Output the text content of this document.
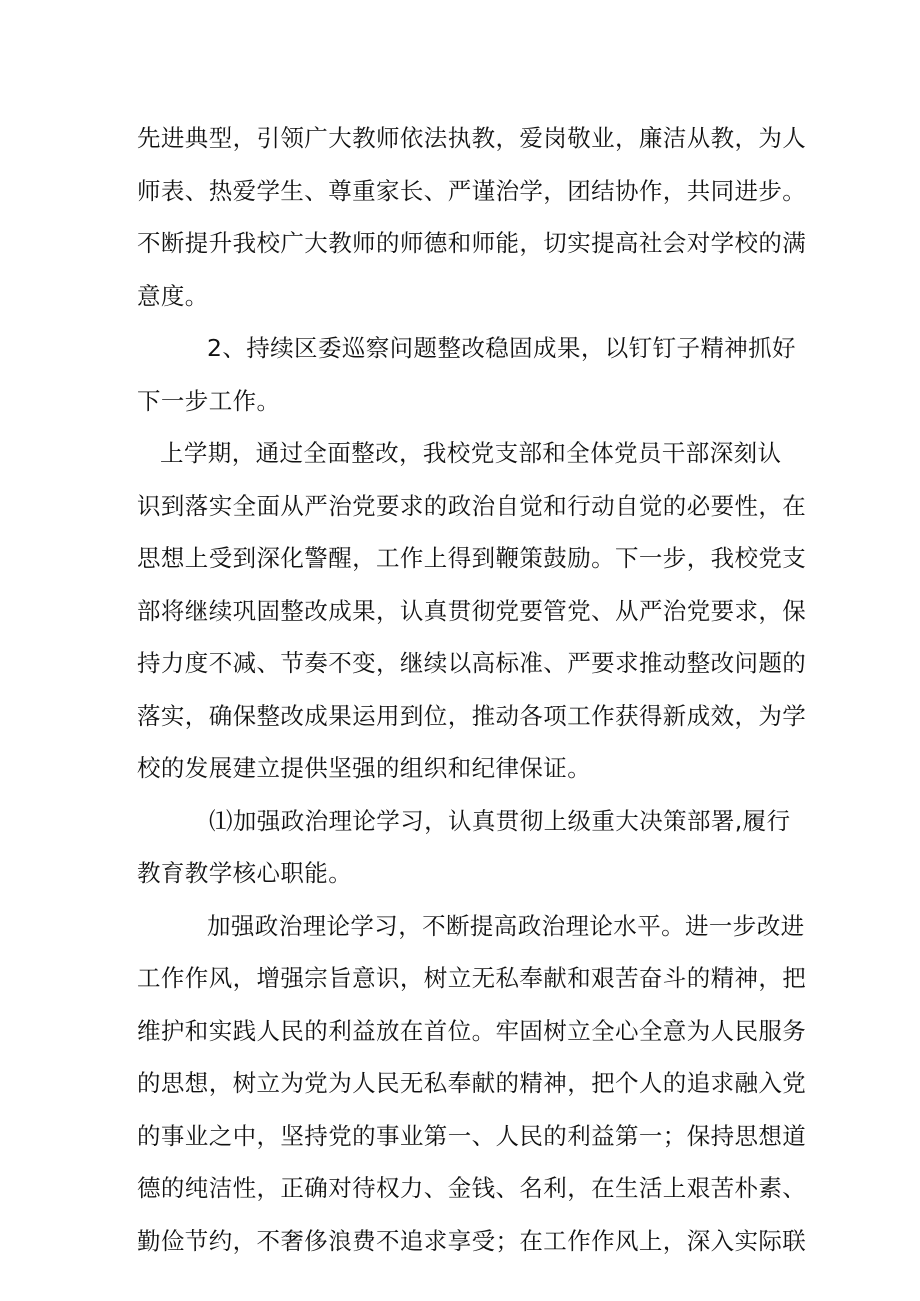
先进典型，引领广大教师依法执教，爱岗敬业，廉洁从教，为人
师表、热爱学生、尊重家长、严谨治学，团结协作，共同进步。
不断提升我校广大教师的师德和师能，切实提高社会对学校的满
意度。
2、持续区委巡察问题整改稳固成果，以钉钉子精神抓好
下一步工作。
上学期，通过全面整改，我校党支部和全体党员干部深刻认
识到落实全面从严治党要求的政治自觉和行动自觉的必要性，在
思想上受到深化警醒，工作上得到鞭策鼓励。下一步，我校党支
部将继续巩固整改成果，认真贯彻党要管党、从严治党要求，保
持力度不减、节奏不变，继续以高标准、严要求推动整改问题的
落实，确保整改成果运用到位，推动各项工作获得新成效，为学
校的发展建立提供坚强的组织和纪律保证。
⑴加强政治理论学习，认真贯彻上级重大决策部署,履行
教育教学核心职能。
加强政治理论学习，不断提高政治理论水平。进一步改进
工作作风，增强宗旨意识，树立无私奉献和艰苦奋斗的精神，把
维护和实践人民的利益放在首位。牢固树立全心全意为人民服务
的思想，树立为党为人民无私奉献的精神，把个人的追求融入党
的事业之中，坚持党的事业第一、人民的利益第一；保持思想道
德的纯洁性，正确对待权力、金钱、名利，在生活上艰苦朴素、
勤俭节约，不奢侈浪费不追求享受；在工作作风上，深入实际联
